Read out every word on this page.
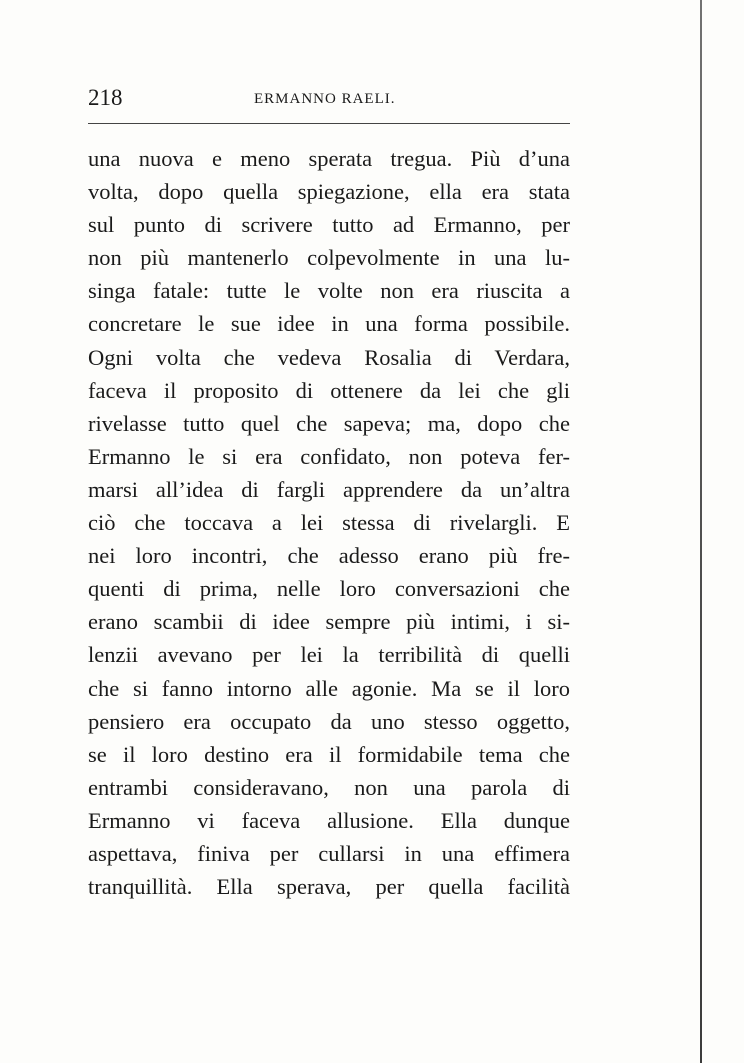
218	ERMANNO RAELI.
una nuova e meno sperata tregua. Più d’una
volta, dopo quella spiegazione, ella era stata
sul punto di scrivere tutto ad Ermanno, per
non più mantenerlo colpevolmente in una lu-
singa fatale: tutte le volte non era riuscita a
concretare le sue idee in una forma possibile.
Ogni volta che vedeva Rosalia di Verdara,
faceva il proposito di ottenere da lei che gli
rivelasse tutto quel che sapeva; ma, dopo che
Ermanno le si era confidato, non poteva fer-
marsi all’idea di fargli apprendere da un’altra
ciò che toccava a lei stessa di rivelargli. E
nei loro incontri, che adesso erano più fre-
quenti di prima, nelle loro conversazioni che
erano scambii di idee sempre più intimi, i si-
lenzii avevano per lei la terribilità di quelli
che si fanno intorno alle agonie. Ma se il loro
pensiero era occupato da uno stesso oggetto,
se il loro destino era il formidabile tema che
entrambi consideravano, non una parola di
Ermanno vi faceva allusione. Ella dunque
aspettava, finiva per cullarsi in una effimera
tranquillità. Ella sperava, per quella facilità
